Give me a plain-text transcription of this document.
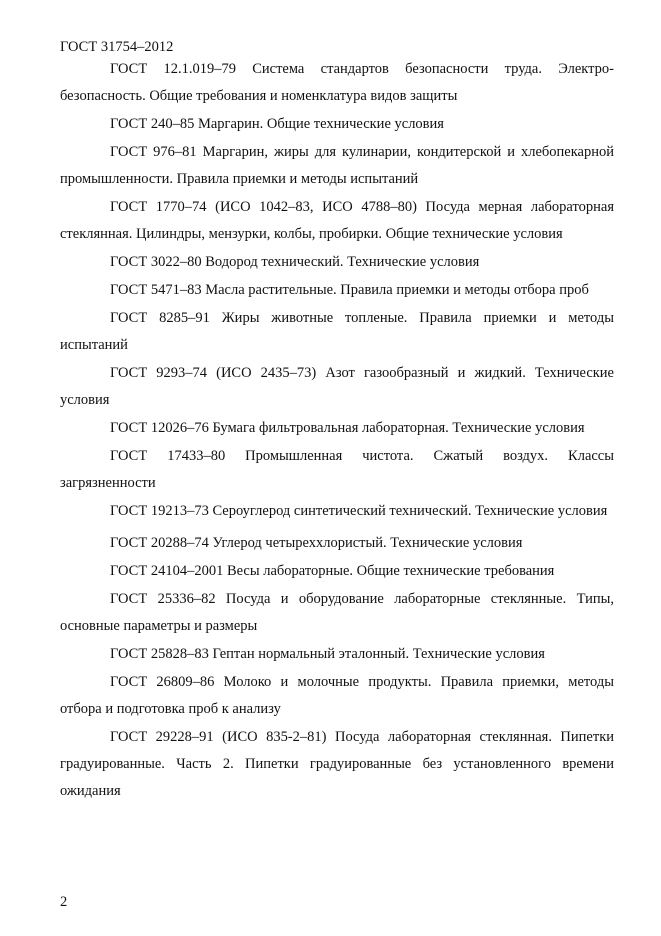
ГОСТ 31754–2012

ГОСТ 12.1.019–79 Система стандартов безопасности труда. Электро-безопасность. Общие требования и номенклатура видов защиты

ГОСТ 240–85 Маргарин. Общие технические условия

ГОСТ 976–81 Маргарин, жиры для кулинарии, кондитерской и хлебопекарной промышленности. Правила приемки и методы испытаний

ГОСТ 1770–74 (ИСО 1042–83, ИСО 4788–80) Посуда мерная лабораторная стеклянная. Цилиндры, мензурки, колбы, пробирки. Общие технические условия

ГОСТ 3022–80 Водород технический. Технические условия

ГОСТ 5471–83 Масла растительные. Правила приемки и методы отбора проб

ГОСТ 8285–91 Жиры животные топленые. Правила приемки и методы испытаний

ГОСТ 9293–74 (ИСО 2435–73) Азот газообразный и жидкий. Технические условия

ГОСТ 12026–76 Бумага фильтровальная лабораторная. Технические условия

ГОСТ 17433–80 Промышленная чистота. Сжатый воздух. Классы загрязненности

ГОСТ 19213–73 Сероуглерод синтетический технический. Технические условия

ГОСТ 20288–74 Углерод четыреххлористый. Технические условия

ГОСТ 24104–2001 Весы лабораторные. Общие технические требования

ГОСТ 25336–82 Посуда и оборудование лабораторные стеклянные. Типы, основные параметры и размеры

ГОСТ 25828–83 Гептан нормальный эталонный. Технические условия

ГОСТ 26809–86 Молоко и молочные продукты. Правила приемки, методы отбора и подготовка проб к анализу

ГОСТ 29228–91 (ИСО 835-2–81) Посуда лабораторная стеклянная. Пипетки градуированные. Часть 2. Пипетки градуированные без установленного времени ожидания

2
